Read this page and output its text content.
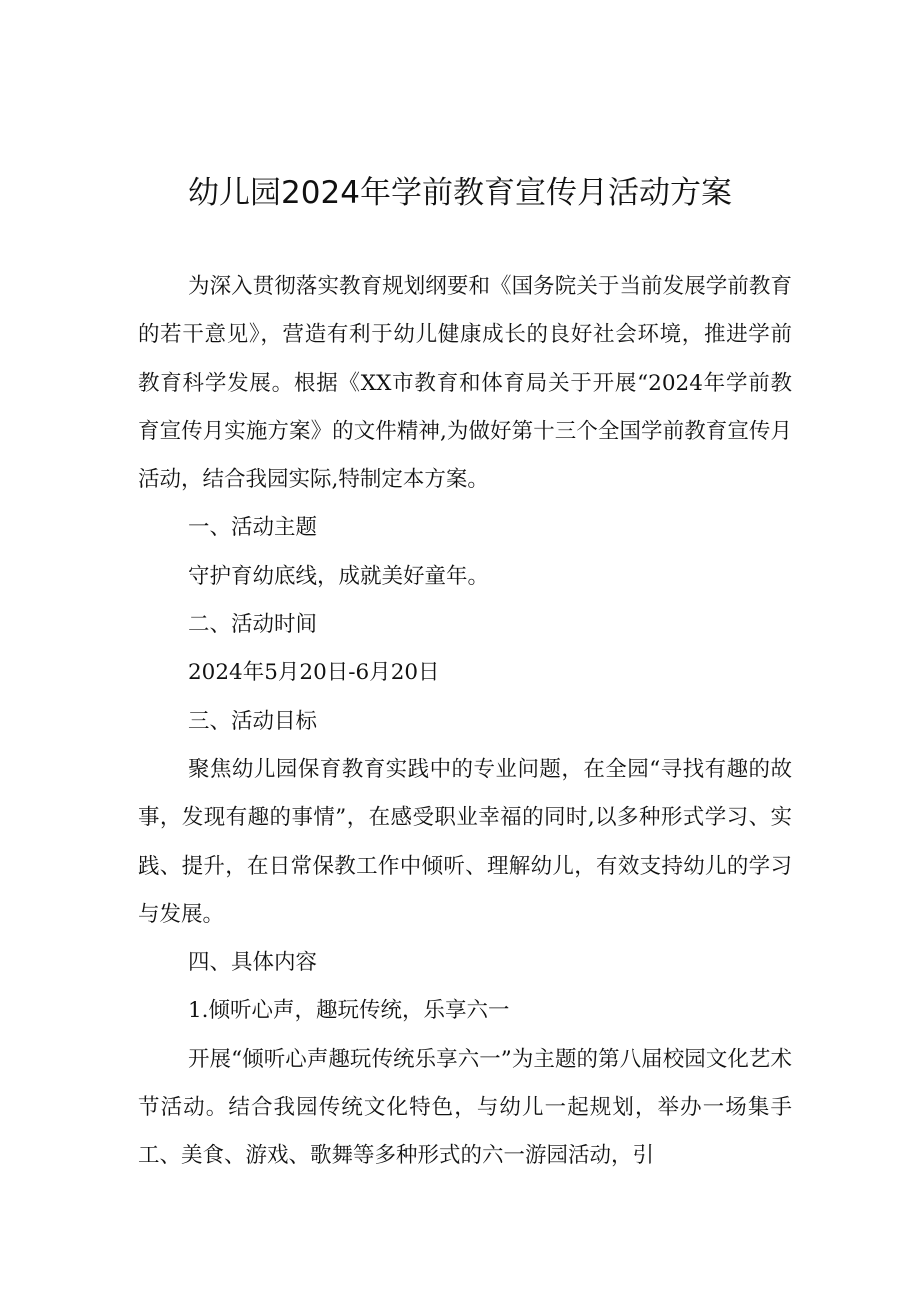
幼儿园2024年学前教育宣传月活动方案

为深入贯彻落实教育规划纲要和《国务院关于当前发展学前教育的若干意见》，营造有利于幼儿健康成长的良好社会环境，推进学前教育科学发展。根据《XX市教育和体育局关于开展“2024年学前教育宣传月实施方案》的文件精神,为做好第十三个全国学前教育宣传月活动，结合我园实际,特制定本方案。

一、活动主题

守护育幼底线，成就美好童年。

二、活动时间

2024年5月20日-6月20日

三、活动目标

聚焦幼儿园保育教育实践中的专业问题，在全园“寻找有趣的故事，发现有趣的事情”，在感受职业幸福的同时,以多种形式学习、实践、提升，在日常保教工作中倾听、理解幼儿，有效支持幼儿的学习与发展。

四、具体内容

1.倾听心声，趣玩传统，乐享六一

开展“倾听心声趣玩传统乐享六一”为主题的第八届校园文化艺术节活动。结合我园传统文化特色，与幼儿一起规划，举办一场集手工、美食、游戏、歌舞等多种形式的六一游园活动，引
